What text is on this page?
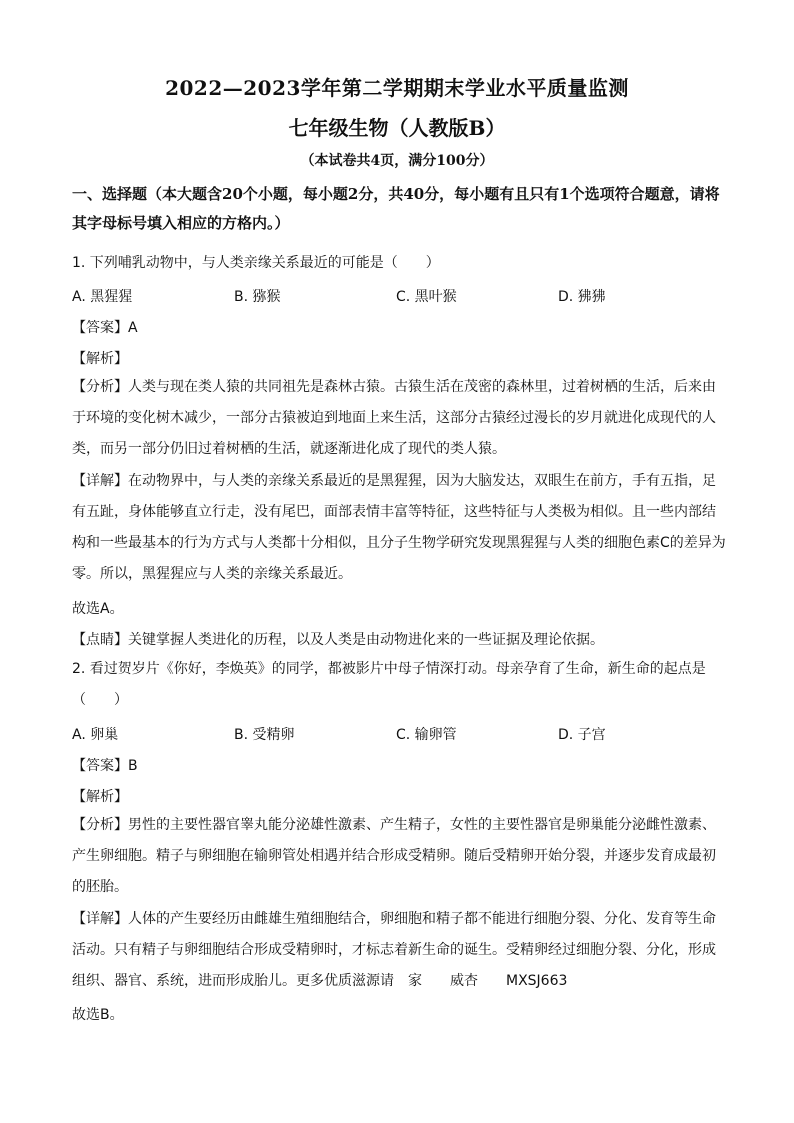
2022—2023学年第二学期期末学业水平质量监测
七年级生物（人教版B）
（本试卷共4页，满分100分）
一、选择题（本大题含20个小题，每小题2分，共40分，每小题有且只有1个选项符合题意，请将其字母标号填入相应的方格内。）
1. 下列哺乳动物中，与人类亲缘关系最近的可能是（　　）
A. 黑猩猩	B. 猕猴	C. 黑叶猴	D. 狒狒
【答案】A
【解析】
【分析】人类与现在类人猿的共同祖先是森林古猿。古猿生活在茂密的森林里，过着树栖的生活，后来由于环境的变化树木减少，一部分古猿被迫到地面上来生活，这部分古猿经过漫长的岁月就进化成现代的人类，而另一部分仍旧过着树栖的生活，就逐渐进化成了现代的类人猿。
【详解】在动物界中，与人类的亲缘关系最近的是黑猩猩，因为大脑发达，双眼生在前方，手有五指，足有五趾，身体能够直立行走，没有尾巴，面部表情丰富等特征，这些特征与人类极为相似。且一些内部结构和一些最基本的行为方式与人类都十分相似，且分子生物学研究发现黑猩猩与人类的细胞色素C的差异为零。所以，黑猩猩应与人类的亲缘关系最近。
故选A。
【点睛】关键掌握人类进化的历程，以及人类是由动物进化来的一些证据及理论依据。
2. 看过贺岁片《你好，李焕英》的同学，都被影片中母子情深打动。母亲孕育了生命，新生命的起点是（　　）
A. 卵巢	B. 受精卵	C. 输卵管	D. 子宫
【答案】B
【解析】
【分析】男性的主要性器官睾丸能分泌雄性激素、产生精子，女性的主要性器官是卵巢能分泌雌性激素、产生卵细胞。精子与卵细胞在输卵管处相遇并结合形成受精卵。随后受精卵开始分裂，并逐步发育成最初的胚胎。
【详解】人体的产生要经历由雌雄生殖细胞结合，卵细胞和精子都不能进行细胞分裂、分化、发育等生命活动。只有精子与卵细胞结合形成受精卵时，才标志着新生命的诞生。受精卵经过细胞分裂、分化，形成组织、器官、系统，进而形成胎儿。更多优质滋源请　家　　威杏　　MXSJ663
故选B。
